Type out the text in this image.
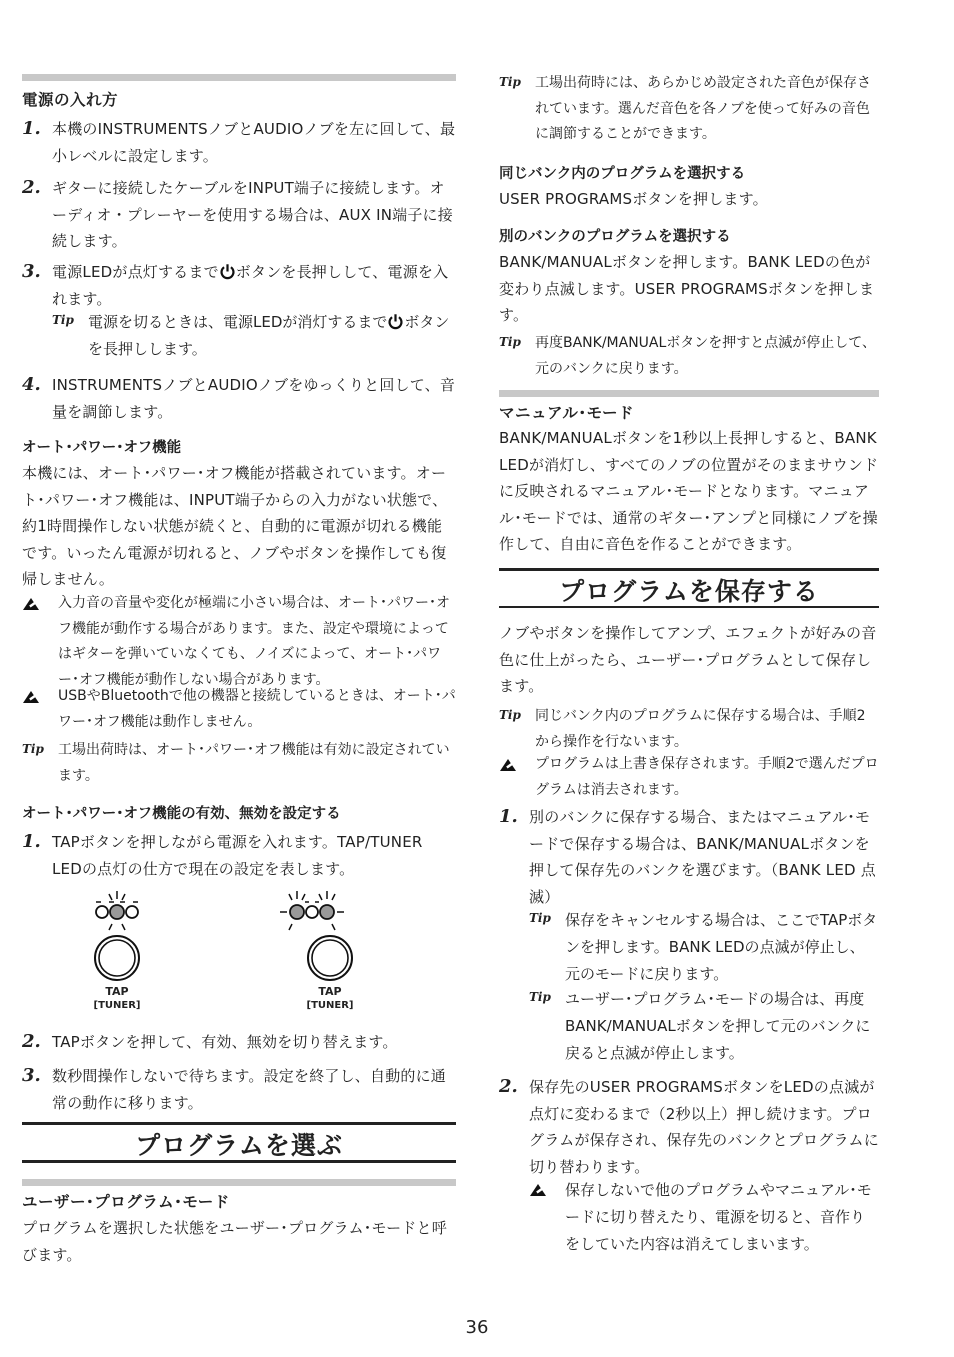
電源の入れ方
1. 本機のINSTRUMENTSノブとAUDIOノブを左に回して、最小レベルに設定します。
2. ギターに接続したケーブルをINPUT端子に接続します。オーディオ・プレーヤーを使用する場合は、AUX IN端子に接続します。
3. 電源LEDが点灯するまで ボタンを長押しして、電源を入れます。
Tip 電源を切るときは、電源LEDが消灯するまで ボタンを長押しします。
4. INSTRUMENTSノブとAUDIOノブをゆっくりと回して、音量を調節します。
オート･パワー･オフ機能
本機には、オート･パワー･オフ機能が搭載されています。オート･パワー･オフ機能は、INPUT端子からの入力がない状態で、約1時間操作しない状態が続くと、自動的に電源が切れる機能です。いったん電源が切れると、ノブやボタンを操作しても復帰しません。
入力音の音量や変化が極端に小さい場合は、オート･パワー･オフ機能が動作する場合があります。また、設定や環境によってはギターを弾いていなくても、ノイズによって、オート･パワー･オフ機能が動作しない場合があります。
USBやBluetoothで他の機器と接続しているときは、オート･パワー･オフ機能は動作しません。
Tip	工場出荷時は、オート･パワー･オフ機能は有効に設定されています。
オート･パワー･オフ機能の有効、無効を設定する
1. TAPボタンを押しながら電源を入れます。TAP/TUNER LEDの点灯の仕方で現在の設定を表します。
TAP
[TUNER]
TAP
[TUNER]
2. TAPボタンを押して、有効、無効を切り替えます。
3. 数秒間操作しないで待ちます。設定を終了し、自動的に通常の動作に移ります。
プログラムを選ぶ
ユーザー･プログラム･モード
プログラムを選択した状態をユーザー･プログラム･モードと呼びます。
Tip	工場出荷時には、あらかじめ設定された音色が保存されています。選んだ音色を各ノブを使って好みの音色に調節することができます。
同じバンク内のプログラムを選択する
USER PROGRAMSボタンを押します。
別のバンクのプログラムを選択する
BANK/MANUALボタンを押します。BANK LEDの色が変わり点滅します。USER PROGRAMSボタンを押します。
Tip	再度BANK/MANUALボタンを押すと点滅が停止して、元のバンクに戻ります。
マニュアル･モード
BANK/MANUALボタンを1秒以上長押しすると、BANK LEDが消灯し、すべてのノブの位置がそのままサウンドに反映されるマニュアル･モードとなります。マニュアル･モードでは、通常のギター･アンプと同様にノブを操作して、自由に音色を作ることができます。
プログラムを保存する
ノブやボタンを操作してアンプ、エフェクトが好みの音色に仕上がったら、ユーザー･プログラムとして保存します。
Tip	同じバンク内のプログラムに保存する場合は、手順2から操作を行ないます。
プログラムは上書き保存されます。手順2で選んだプログラムは消去されます。
1. 別のバンクに保存する場合、またはマニュアル･モードで保存する場合は、BANK/MANUALボタンを押して保存先のバンクを選びます。（BANK LED 点滅）
Tip 保存をキャンセルする場合は、ここでTAPボタンを押します。BANK LEDの点滅が停止し、元のモードに戻ります。
Tip ユーザー･プログラム･モードの場合は、再度BANK/MANUALボタンを押して元のバンクに戻ると点滅が停止します。
2. 保存先のUSER PROGRAMSボタンをLEDの点滅が点灯に変わるまで（2秒以上）押し続けます。プログラムが保存され、保存先のバンクとプログラムに切り替わります。
保存しないで他のプログラムやマニュアル･モードに切り替えたり、電源を切ると、音作りをしていた内容は消えてしまいます。
36
